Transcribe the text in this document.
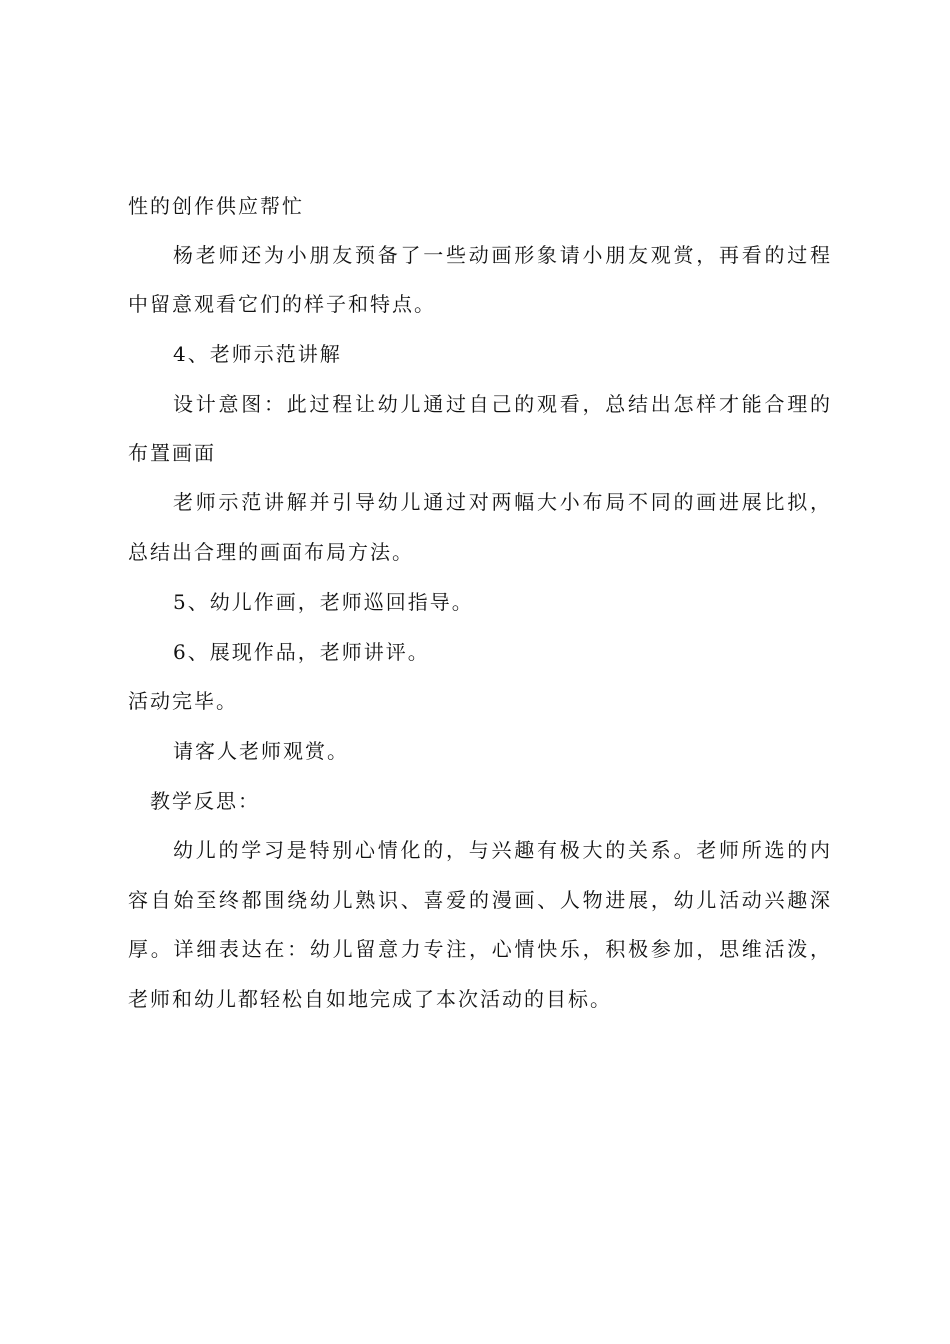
性的创作供应帮忙

杨老师还为小朋友预备了一些动画形象请小朋友观赏，再看的过程

中留意观看它们的样子和特点。

4、老师示范讲解

设计意图：此过程让幼儿通过自己的观看，总结出怎样才能合理的

布置画面

老师示范讲解并引导幼儿通过对两幅大小布局不同的画进展比拟，

总结出合理的画面布局方法。

5、幼儿作画，老师巡回指导。

6、展现作品，老师讲评。

活动完毕。

请客人老师观赏。

教学反思：

幼儿的学习是特别心情化的，与兴趣有极大的关系。老师所选的内

容自始至终都围绕幼儿熟识、喜爱的漫画、人物进展，幼儿活动兴趣深

厚。详细表达在：幼儿留意力专注，心情快乐，积极参加，思维活泼，

老师和幼儿都轻松自如地完成了本次活动的目标。
